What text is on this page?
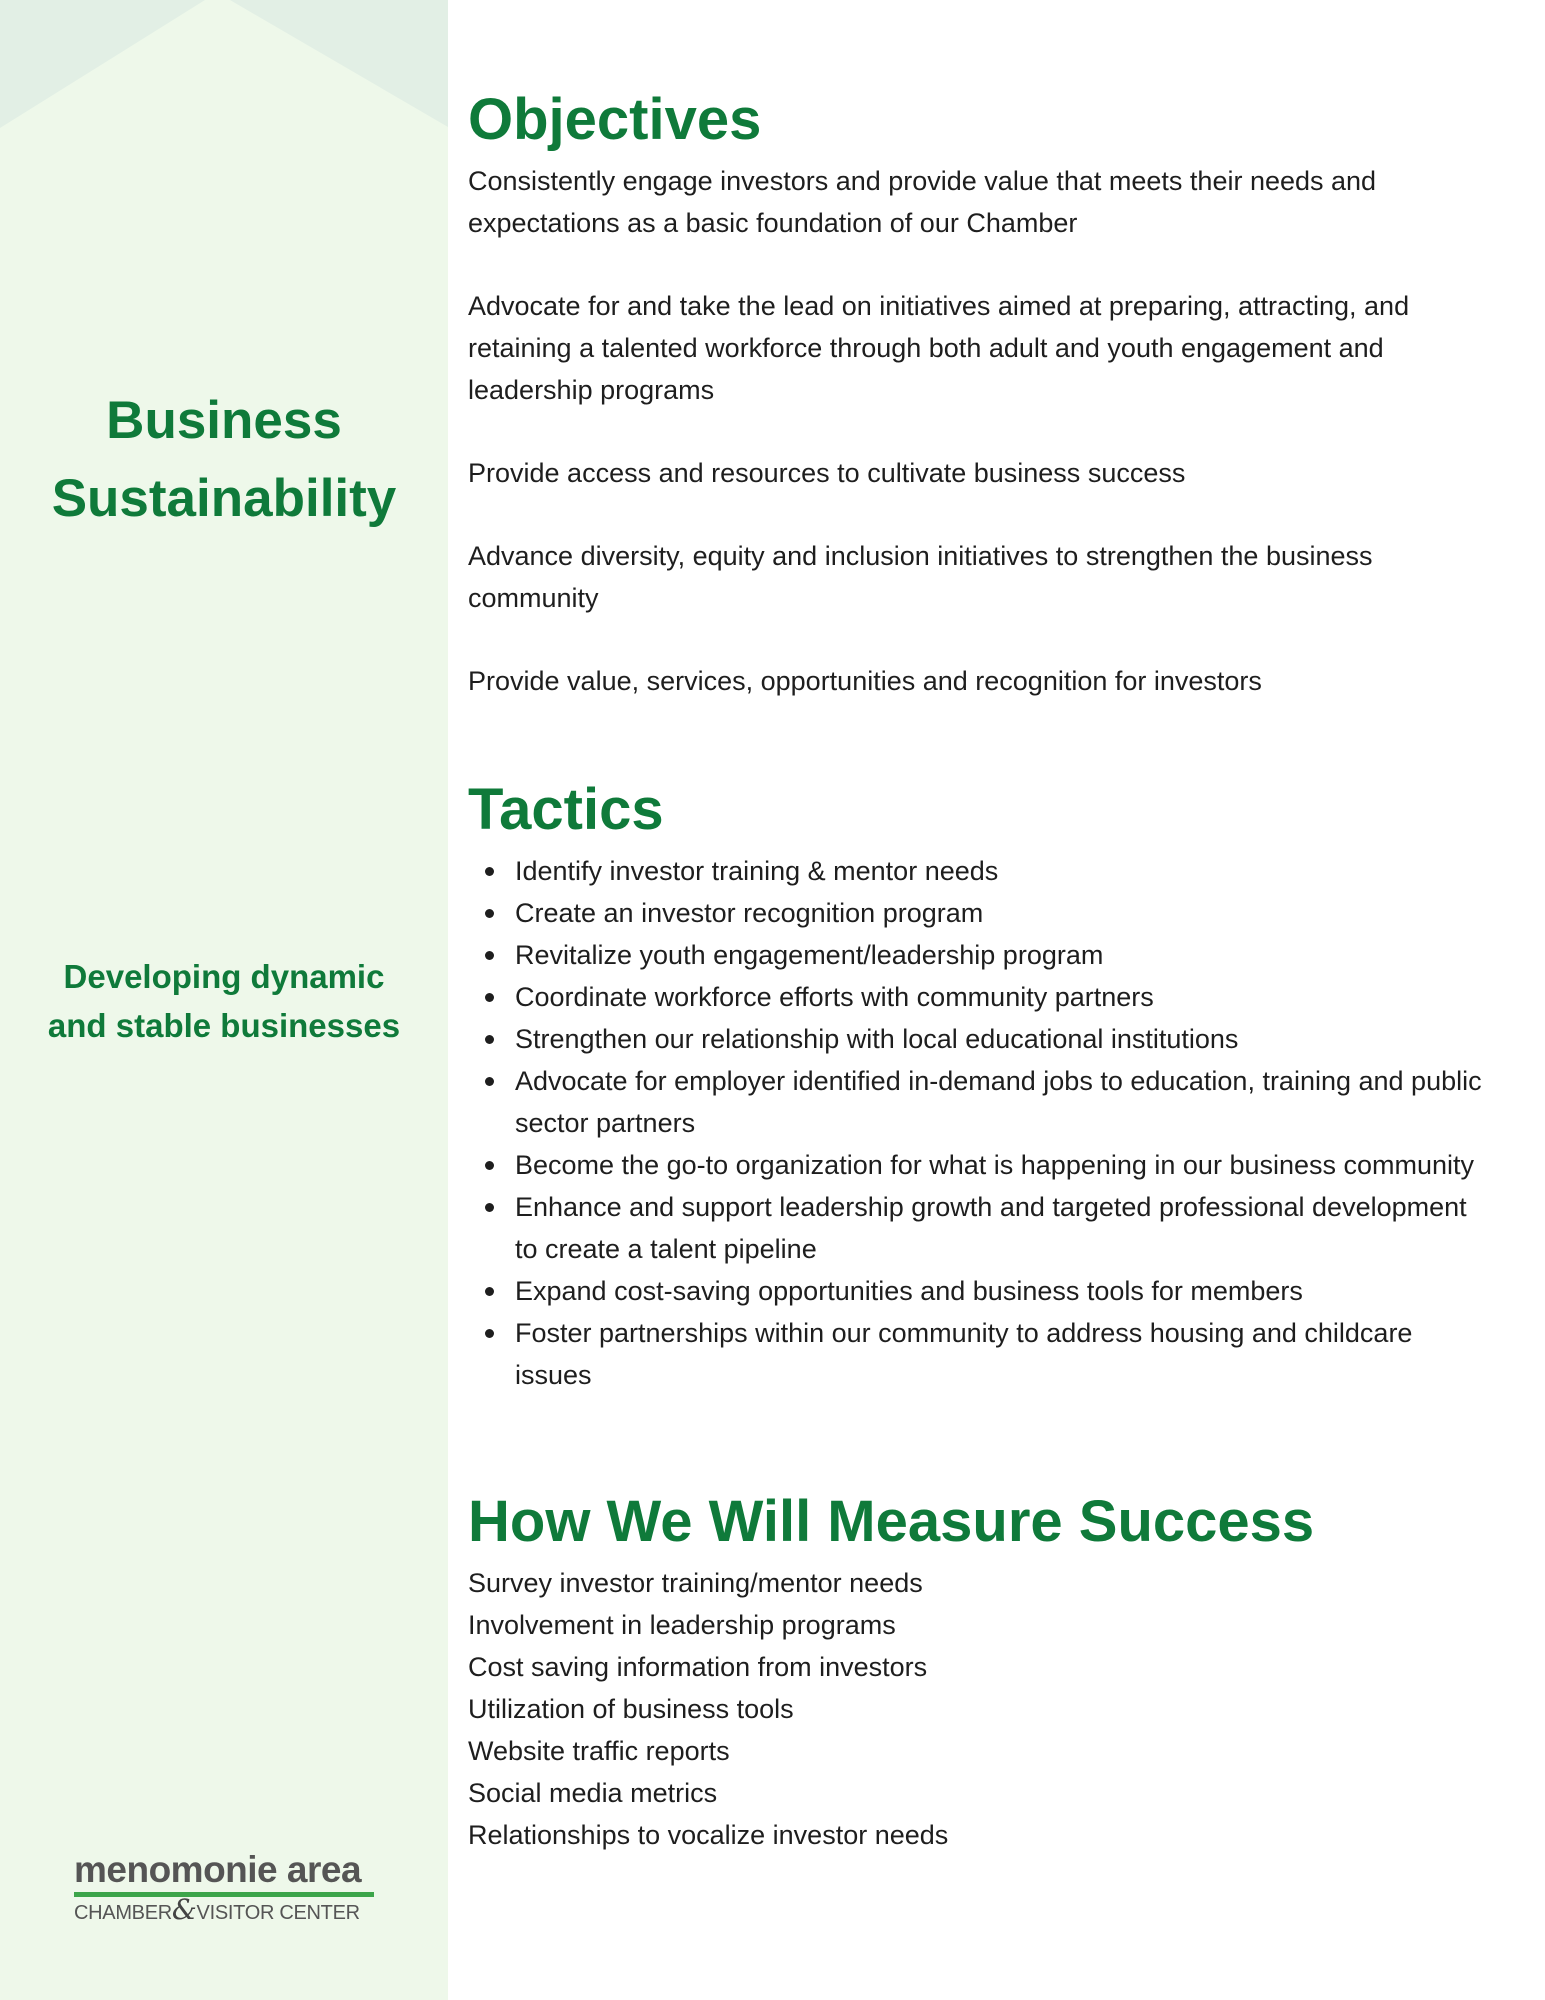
Business
Sustainability

Developing dynamic
and stable businesses

menomonie area
CHAMBER&VISITOR CENTER
Objectives

Consistently engage investors and provide value that meets their needs and expectations as a basic foundation of our Chamber

Advocate for and take the lead on initiatives aimed at preparing, attracting, and retaining a talented workforce through both adult and youth engagement and leadership programs

Provide access and resources to cultivate business success

Advance diversity, equity and inclusion initiatives to strengthen the business community

Provide value, services, opportunities and recognition for investors

Tactics
Identify investor training & mentor needs
Create an investor recognition program
Revitalize youth engagement/leadership program
Coordinate workforce efforts with community partners
Strengthen our relationship with local educational institutions
Advocate for employer identified in-demand jobs to education, training and public sector partners
Become the go-to organization for what is happening in our business community
Enhance and support leadership growth and targeted professional development to create a talent pipeline
Expand cost-saving opportunities and business tools for members
Foster partnerships within our community to address housing and childcare issues
How We Will Measure Success

Survey investor training/mentor needs

Involvement in leadership programs

Cost saving information from investors

Utilization of business tools

Website traffic reports

Social media metrics

Relationships to vocalize investor needs
